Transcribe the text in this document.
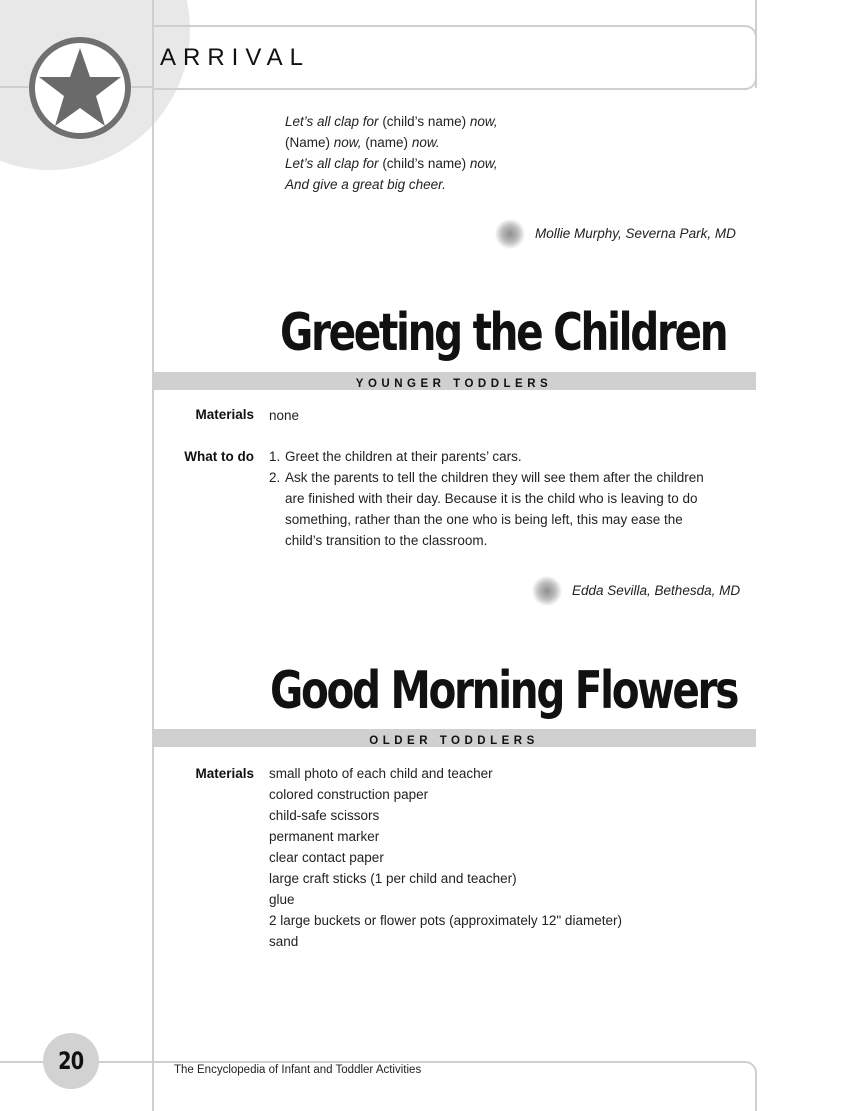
ARRIVAL
Let’s all clap for (child’s name) now,
(Name) now, (name) now.
Let’s all clap for (child’s name) now,
And give a great big cheer.
Mollie Murphy, Severna Park, MD
Greeting the Children
YOUNGER TODDLERS
Materials none
What to do 1. Greet the children at their parents’ cars.
2. Ask the parents to tell the children they will see them after the children
are finished with their day. Because it is the child who is leaving to do
something, rather than the one who is being left, this may ease the
child’s transition to the classroom.
Edda Sevilla, Bethesda, MD
Good Morning Flowers
OLDER TODDLERS
Materials small photo of each child and teacher
colored construction paper
child-safe scissors
permanent marker
clear contact paper
large craft sticks (1 per child and teacher)
glue
2 large buckets or flower pots (approximately 12" diameter)
sand
20	The Encyclopedia of Infant and Toddler Activities
